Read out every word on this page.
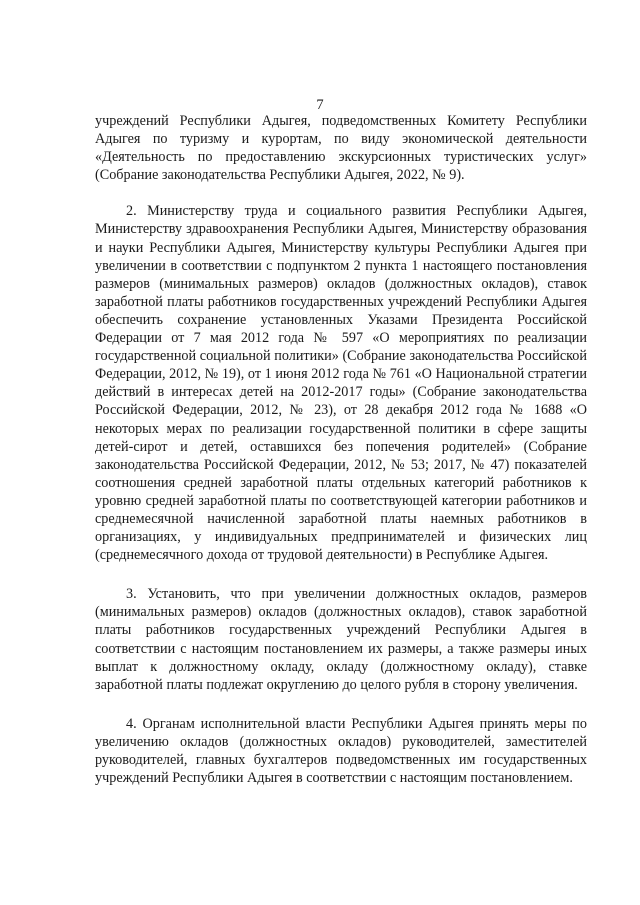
7

учреждений Республики Адыгея, подведомственных Комитету Республики Адыгея по туризму и курортам, по виду экономической деятельности «Деятельность по предоставлению экскурсионных туристических услуг» (Собрание законодательства Республики Адыгея, 2022, № 9).

2. Министерству труда и социального развития Республики Адыгея, Министерству здравоохранения Республики Адыгея, Министерству образования и науки Республики Адыгея, Министерству культуры Республики Адыгея при увеличении в соответствии с подпунктом 2 пункта 1 настоящего постановления размеров (минимальных размеров) окладов (должностных окладов), ставок заработной платы работников государственных учреждений Республики Адыгея обеспечить сохранение установленных Указами Президента Российской Федерации от 7 мая 2012 года № 597 «О мероприятиях по реализации государственной социальной политики» (Собрание законодательства Российской Федерации, 2012, № 19), от 1 июня 2012 года № 761 «О Национальной стратегии действий в интересах детей на 2012-2017 годы» (Собрание законодательства Российской Федерации, 2012, № 23), от 28 декабря 2012 года № 1688 «О некоторых мерах по реализации государственной политики в сфере защиты детей-сирот и детей, оставшихся без попечения родителей» (Собрание законодательства Российской Федерации, 2012, № 53; 2017, № 47) показателей соотношения средней заработной платы отдельных категорий работников к уровню средней заработной платы по соответствующей категории работников и среднемесячной начисленной заработной платы наемных работников в организациях, у индивидуальных предпринимателей и физических лиц (среднемесячного дохода от трудовой деятельности) в Республике Адыгея.

3. Установить, что при увеличении должностных окладов, размеров (минимальных размеров) окладов (должностных окладов), ставок заработной платы работников государственных учреждений Республики Адыгея в соответствии с настоящим постановлением их размеры, а также размеры иных выплат к должностному окладу, окладу (должностному окладу), ставке заработной платы подлежат округлению до целого рубля в сторону увеличения.

4. Органам исполнительной власти Республики Адыгея принять меры по увеличению окладов (должностных окладов) руководителей, заместителей руководителей, главных бухгалтеров подведомственных им государственных учреждений Республики Адыгея в соответствии с настоящим постановлением.
